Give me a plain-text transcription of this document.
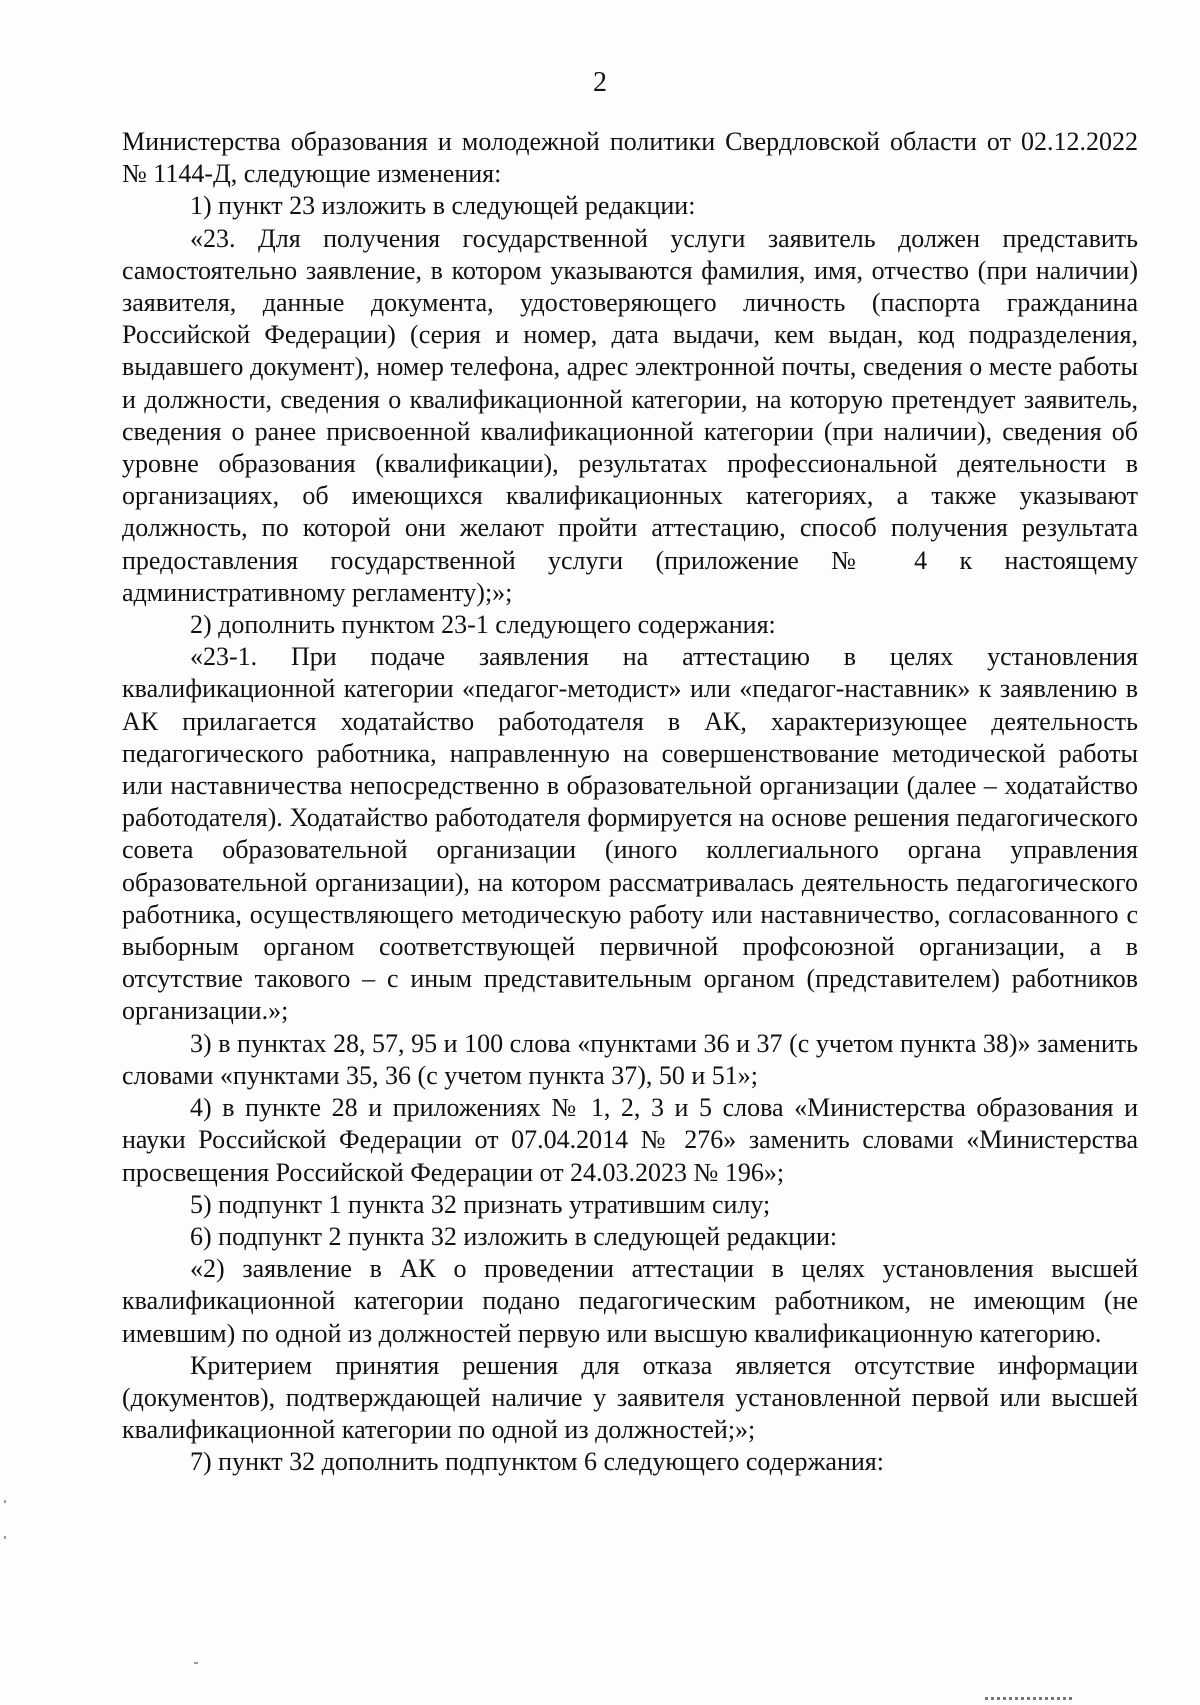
2

Министерства образования и молодежной политики Свердловской области от 02.12.2022 № 1144-Д, следующие изменения:

1) пункт 23 изложить в следующей редакции:

«23. Для получения государственной услуги заявитель должен представить самостоятельно заявление, в котором указываются фамилия, имя, отчество (при наличии) заявителя, данные документа, удостоверяющего личность (паспорта гражданина Российской Федерации) (серия и номер, дата выдачи, кем выдан, код подразделения, выдавшего документ), номер телефона, адрес электронной почты, сведения о месте работы и должности, сведения о квалификационной категории, на которую претендует заявитель, сведения о ранее присвоенной квалификационной категории (при наличии), сведения об уровне образования (квалификации), результатах профессиональной деятельности в организациях, об имеющихся квалификационных категориях, а также указывают должность, по которой они желают пройти аттестацию, способ получения результата предоставления государственной услуги (приложение № 4 к настоящему административному регламенту);»;

2) дополнить пунктом 23-1 следующего содержания:

«23-1. При подаче заявления на аттестацию в целях установления квалификационной категории «педагог-методист» или «педагог-наставник» к заявлению в АК прилагается ходатайство работодателя в АК, характеризующее деятельность педагогического работника, направленную на совершенствование методической работы или наставничества непосредственно в образовательной организации (далее – ходатайство работодателя). Ходатайство работодателя формируется на основе решения педагогического совета образовательной организации (иного коллегиального органа управления образовательной организации), на котором рассматривалась деятельность педагогического работника, осуществляющего методическую работу или наставничество, согласованного с выборным органом соответствующей первичной профсоюзной организации, а в отсутствие такового – с иным представительным органом (представителем) работников организации.»;

3) в пунктах 28, 57, 95 и 100 слова «пунктами 36 и 37 (с учетом пункта 38)» заменить словами «пунктами 35, 36 (с учетом пункта 37), 50 и 51»;

4) в пункте 28 и приложениях № 1, 2, 3 и 5 слова «Министерства образования и науки Российской Федерации от 07.04.2014 № 276» заменить словами «Министерства просвещения Российской Федерации от 24.03.2023 № 196»;

5) подпункт 1 пункта 32 признать утратившим силу;

6) подпункт 2 пункта 32 изложить в следующей редакции:

«2) заявление в АК о проведении аттестации в целях установления высшей квалификационной категории подано педагогическим работником, не имеющим (не имевшим) по одной из должностей первую или высшую квалификационную категорию.

Критерием принятия решения для отказа является отсутствие информации (документов), подтверждающей наличие у заявителя установленной первой или высшей квалификационной категории по одной из должностей;»;

7) пункт 32 дополнить подпунктом 6 следующего содержания:
